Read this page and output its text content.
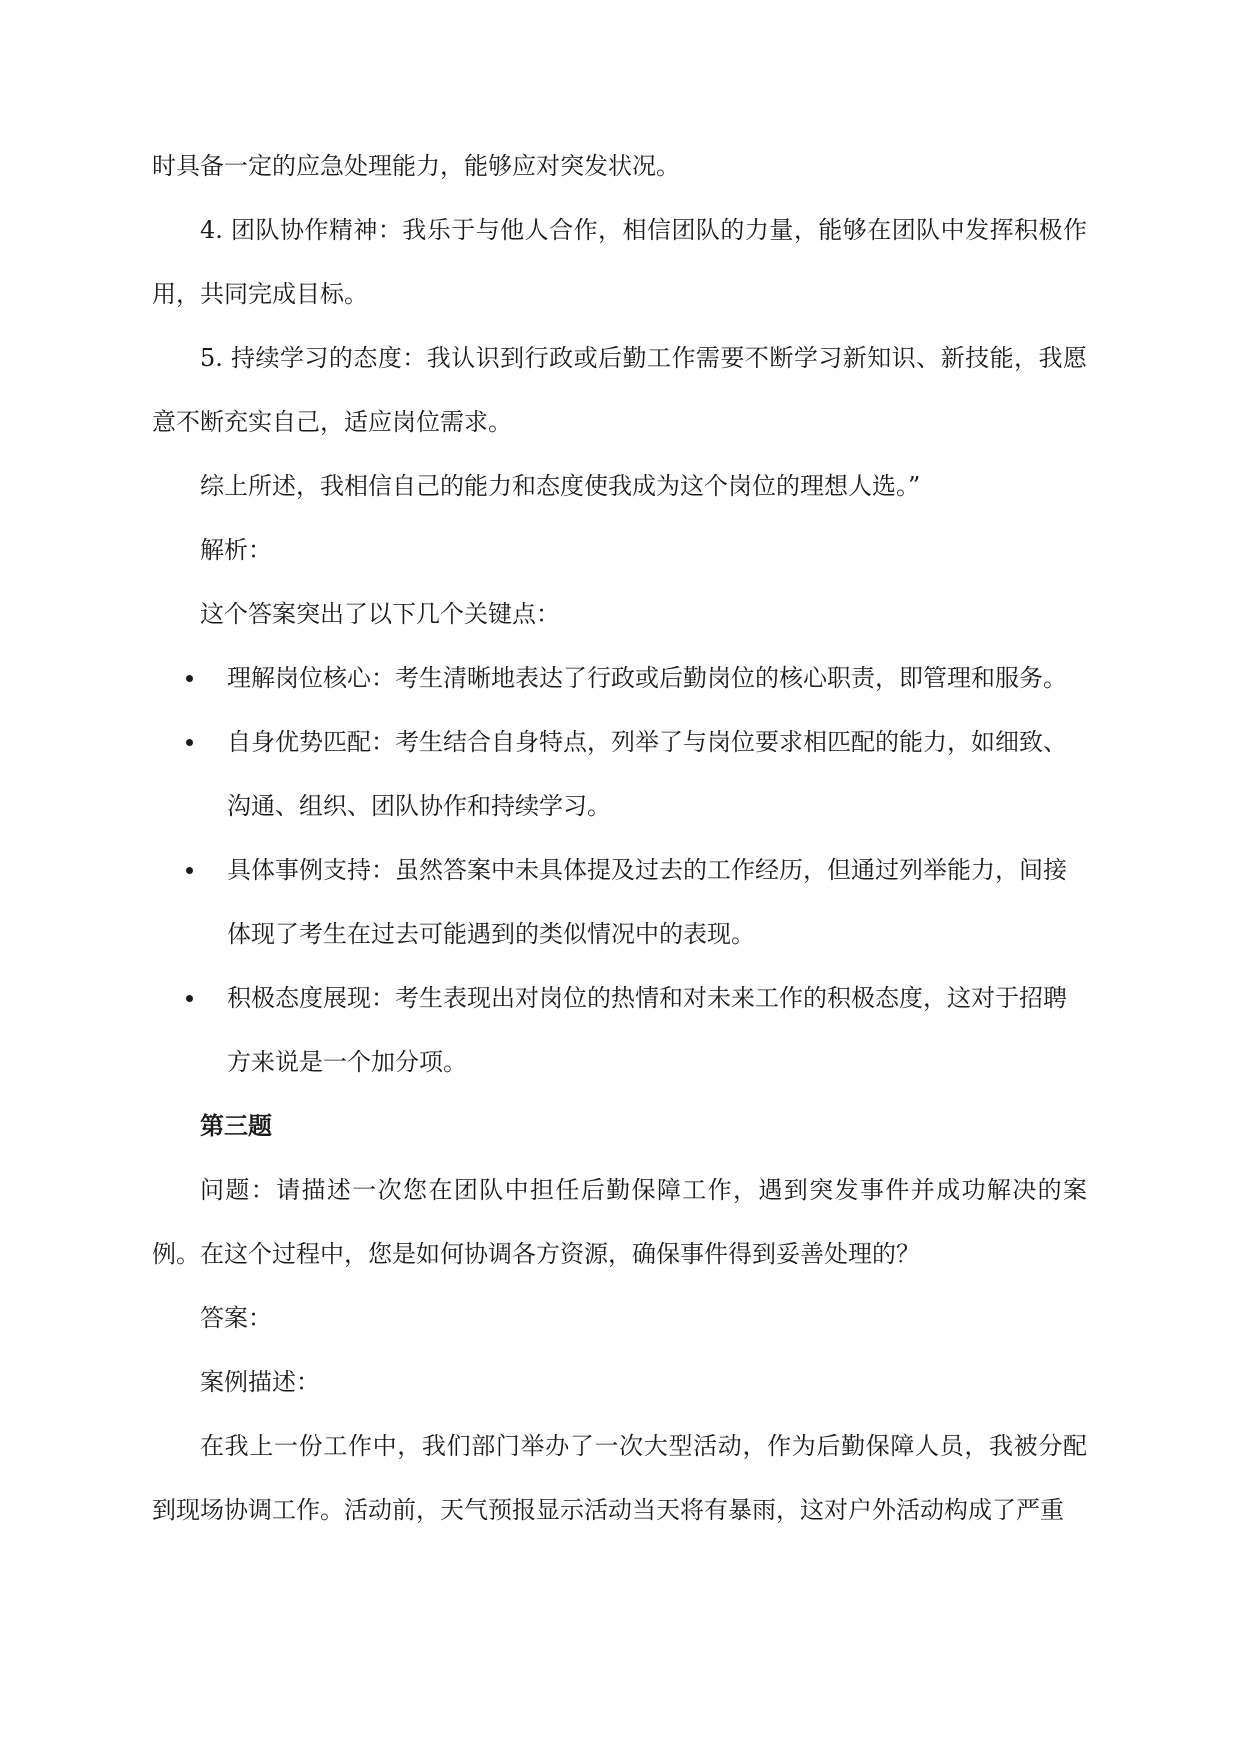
时具备一定的应急处理能力，能够应对突发状况。

4. 团队协作精神：我乐于与他人合作，相信团队的力量，能够在团队中发挥积极作用，共同完成目标。

5. 持续学习的态度：我认识到行政或后勤工作需要不断学习新知识、新技能，我愿意不断充实自己，适应岗位需求。

综上所述，我相信自己的能力和态度使我成为这个岗位的理想人选。”

解析：

这个答案突出了以下几个关键点：

理解岗位核心：考生清晰地表达了行政或后勤岗位的核心职责，即管理和服务。
自身优势匹配：考生结合自身特点，列举了与岗位要求相匹配的能力，如细致、沟通、组织、团队协作和持续学习。
具体事例支持：虽然答案中未具体提及过去的工作经历，但通过列举能力，间接体现了考生在过去可能遇到的类似情况中的表现。
积极态度展现：考生表现出对岗位的热情和对未来工作的积极态度，这对于招聘方来说是一个加分项。

第三题

问题：请描述一次您在团队中担任后勤保障工作，遇到突发事件并成功解决的案例。在这个过程中，您是如何协调各方资源，确保事件得到妥善处理的？

答案：

案例描述：

在我上一份工作中，我们部门举办了一次大型活动，作为后勤保障人员，我被分配到现场协调工作。活动前，天气预报显示活动当天将有暴雨，这对户外活动构成了严重
